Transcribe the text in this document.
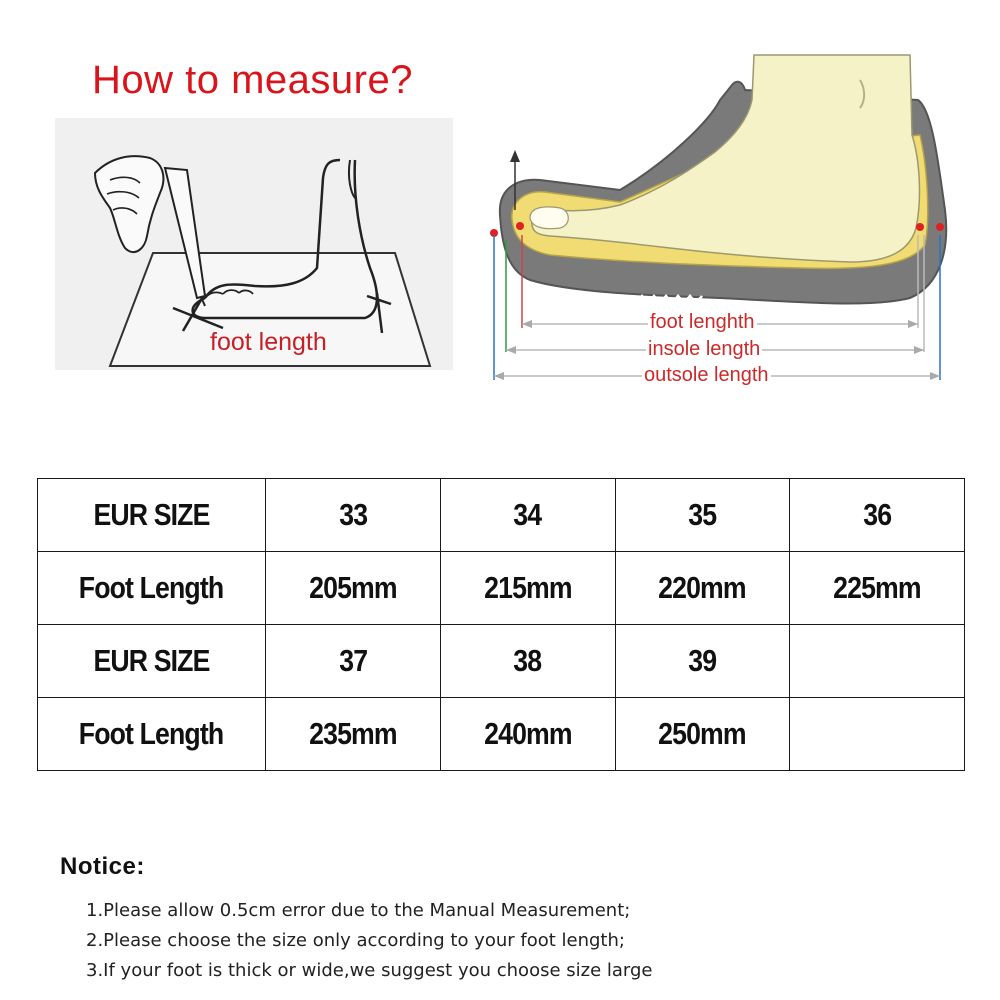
How to measure?
foot length
foot lenghth
insole length
outsole length
EUR SIZE	33	34	35	36
Foot Length	205mm	215mm	220mm	225mm
EUR SIZE	37	38	39	
Foot Length	235mm	240mm	250mm	
Notice:
1.Please allow 0.5cm error due to the Manual Measurement;
2.Please choose the size only according to your foot length;
3.If your foot is thick or wide,we suggest you choose size large
